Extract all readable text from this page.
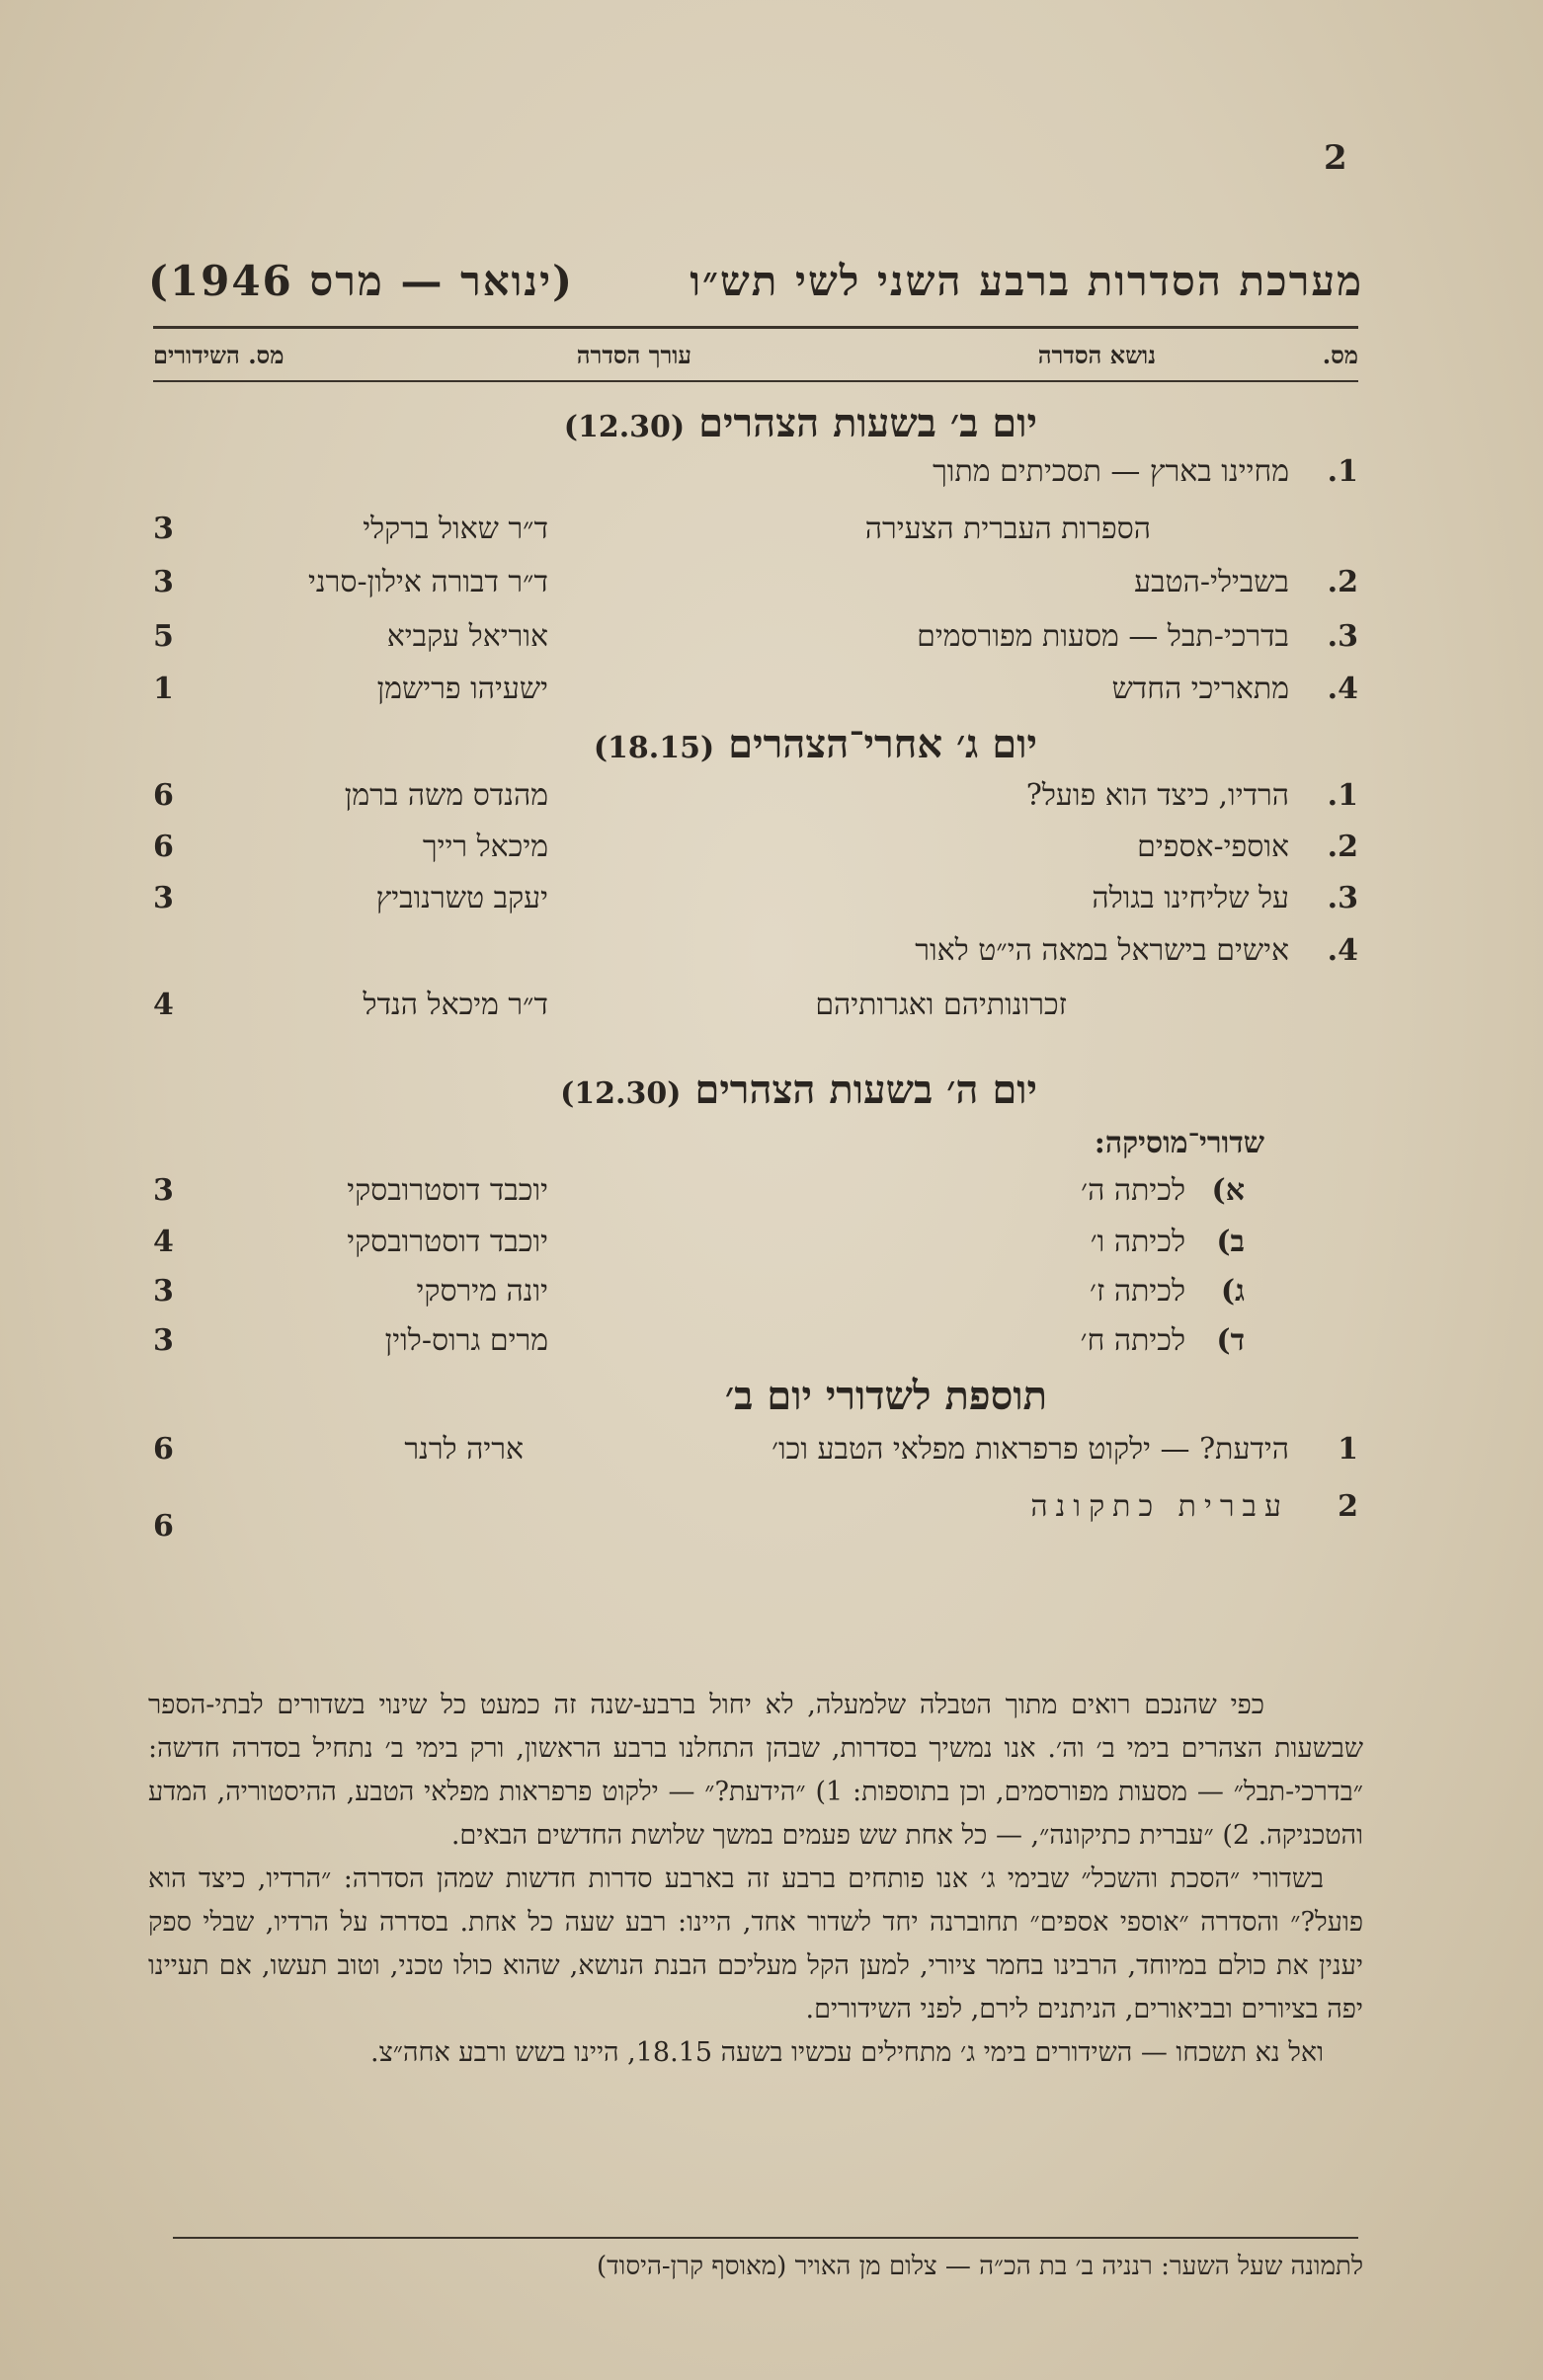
2
מערכת הסדרות ברבע השני לשי תש״ו
(ינואר — מרס 1946)
מס.
נושא הסדרה
עורך הסדרה
מס. השידורים
יום ב׳ בשעות הצהרים (12.30)
1.
מחיינו בארץ — תסכיתים מתוך
הספרות העברית הצעירה
ד״ר שאול ברקלי
3
2.
בשבילי-הטבע
ד״ר דבורה אילון-סרני
3
3.
בדרכי-תבל — מסעות מפורסמים
אוריאל עקביא
5
4.
מתאריכי החדש
ישעיהו פרישמן
1
יום ג׳ אחרי־הצהרים (18.15)
1.
הרדיו, כיצד הוא פועל?
מהנדס משה ברמן
6
2.
אוספי-אספים
מיכאל רייך
6
3.
על שליחינו בגולה
יעקב טשרנוביץ
3
4.
אישים בישראל במאה הי״ט לאור
זכרונותיהם ואגרותיהם
ד״ר מיכאל הנדל
4
יום ה׳ בשעות הצהרים (12.30)
שדורי־מוסיקה:
א)
לכיתה ה׳
יוכבד דוסטרובסקי
3
ב)
לכיתה ו׳
יוכבד דוסטרובסקי
4
ג)
לכיתה ז׳
יונה מירסקי
3
ד)
לכיתה ח׳
מרים גרוס-לוין
3
תוספת לשדורי יום ב׳
1
הידעת? — ילקוט פרפראות מפלאי הטבע וכו׳
אריה לרנר
6
2
עברית כתקונה
6

כפי שהנכם רואים מתוך הטבלה שלמעלה, לא יחול ברבע-שנה זה כמעט כל שינוי בשדורים לבתי-הספר שבשעות הצהרים בימי ב׳ וה׳. אנו נמשיך בסדרות, שבהן התחלנו ברבע הראשון, ורק בימי ב׳ נתחיל בסדרה חדשה: ״בדרכי-תבל״ — מסעות מפורסמים, וכן בתוספות: 1) ״הידעת?״ — ילקוט פרפראות מפלאי הטבע, ההיסטוריה, המדע והטכניקה. 2) ״עברית כתיקונה״, — כל אחת שש פעמים במשך שלושת החדשים הבאים.

בשדורי ״הסכת והשכל״ שבימי ג׳ אנו פותחים ברבע זה בארבע סדרות חדשות שמהן הסדרה: ״הרדיו, כיצד הוא פועל?״ והסדרה ״אוספי אספים״ תחוברנה יחד לשדור אחד, היינו: רבע שעה כל אחת. בסדרה על הרדיו, שבלי ספק יענין את כולם במיוחד, הרבינו בחמר ציורי, למען הקל מעליכם הבנת הנושא, שהוא כולו טכני, וטוב תעשו, אם תעיינו יפה בציורים ובביאורים, הניתנים לירם, לפני השידורים.

ואל נא תשכחו — השידורים בימי ג׳ מתחילים עכשיו בשעה 18.15, היינו בשש ורבע אחה״צ.

לתמונה שעל השער: רנניה ב׳ בת הכ״ה — צלום מן האויר (מאוסף קרן-היסוד)
